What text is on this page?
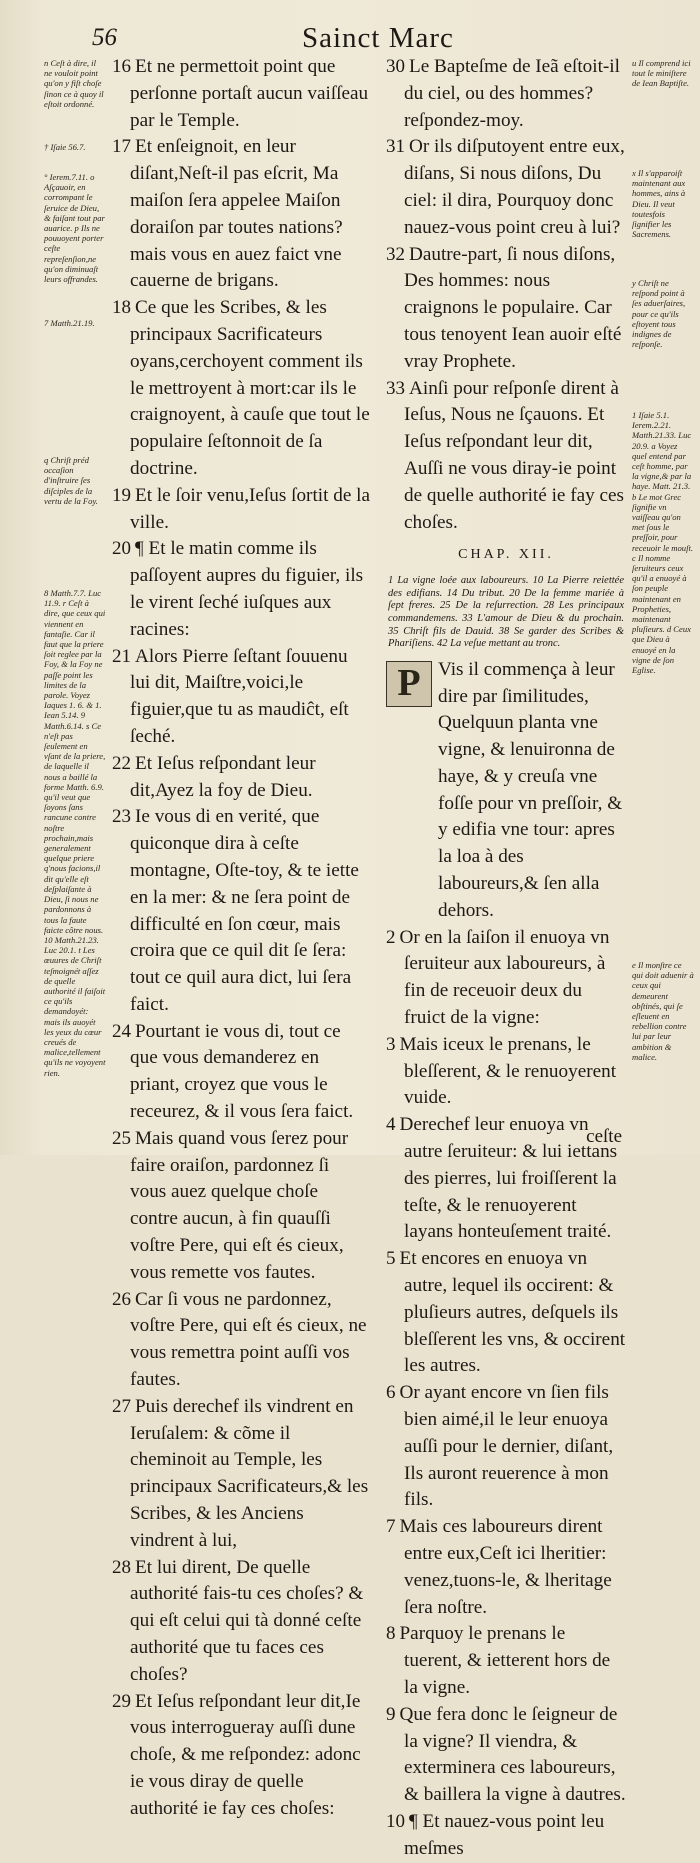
56	Sainct Marc

n Ceſt à dire, il ne vouloit point qu'on y fiſt choſe ſinon ce à quoy il eſtoit ordonné.

† Iſaie 56.7.

° Ierem.7.11. o Aſçauoir, en corrompant le ſeruice de Dieu, & faiſant tout par auarice. p Ils ne pouuoyent porter ceſte repreſenſion,ne qu'on diminuaſt leurs offrandes.

7 Matth.21.19.

q Chriſt préd occaſion d'inſtruire ſes diſciples de la vertu de la Foy.

8 Matth.7.7. Luc 11.9. r Ceſt à dire, que ceux qui viennent en fantaſie. Car il faut que la priere ſoit reglee par la Foy, & la Foy ne paſſe point les limites de la parole. Voyez Iaques 1. 6. & 1. Iean 5.14. 9 Matth.6.14. s Ce n'eſt pas ſeulement en vſant de la priere, de laquelle il nous a baillé la forme Matth. 6.9. qu'il veut que ſoyons ſans rancune contre noſtre prochain,mais generalement quelque priere q'nous facions,il dit qu'elle eſt deſplaiſante à Dieu, ſi nous ne pardonnons à tous la faute faicte côtre nous. 10 Matth.21.23. Luc 20.1. t Les œuures de Chriſt teſmoignét aſſez de quelle authorité il faiſoit ce qu'ils demandoyét: mais ils auoyét les yeux du cœur creués de malice,tellement qu'ils ne voyoyent rien.

u Il comprend ici tout le miniſtere de Iean Baptiſte.

x Il s'apparoiſt maintenant aux hommes, ains à Dieu. Il veut toutesfois ſignifier les Sacremens.

y Chriſt ne reſpond point à ſes aduerſaires, pour ce qu'ils eſtoyent tous indignes de reſponſe.

1 Iſaie 5.1. Ierem.2.21. Matth.21.33. Luc 20.9. a Voyez quel entend par ceſt homme, par la vigne,& par la haye. Matt. 21.3. b Le mot Grec ſignifie vn vaiſſeau qu'on met ſous le preſſoir, pour receuoir le mouſt. c Il nomme ſeruiteurs ceux qu'il a enuoyé à ſon peuple maintenant en Propheties, maintenant pluſieurs. d Ceux que Dieu à enuoyé en la vigne de ſon Eglise.

e Il monſtre ce qui doit aduenir à ceux qui demeurent obſtinés, qui ſe eſleuent en rebellion contre lui par leur ambition & malice.

16 Et ne permettoit point que perſonne portaſt aucun vaiſſeau par le Temple.

17 Et enſeignoit, en leur diſant,Neſt-il pas eſcrit, Ma maiſon ſera appelee Maiſon doraiſon par toutes nations? mais vous en auez faict vne cauerne de brigans.

18 Ce que les Scribes, & les principaux Sacrificateurs oyans,cerchoyent comment ils le mettroyent à mort:car ils le craignoyent, à cauſe que tout le populaire ſeſtonnoit de ſa doctrine.

19 Et le ſoir venu,Ieſus ſortit de la ville.

20 ¶ Et le matin comme ils paſſoyent aupres du figuier, ils le virent ſeché iuſques aux racines:

21 Alors Pierre ſeſtant ſouuenu lui dit, Maiſtre,voici,le figuier,que tu as maudiĉt, eſt ſeché.

22 Et Ieſus reſpondant leur dit,Ayez la foy de Dieu.

23 Ie vous di en verité, que quiconque dira à ceſte montagne, Oſte-toy, & te iette en la mer: & ne ſera point de difficulté en ſon cœur, mais croira que ce quil dit ſe ſera: tout ce quil aura dict, lui ſera faict.

24 Pourtant ie vous di, tout ce que vous demanderez en priant, croyez que vous le receurez, & il vous ſera faict.

25 Mais quand vous ſerez pour faire oraiſon, pardonnez ſi vous auez quelque choſe contre aucun, à fin quauſſi voſtre Pere, qui eſt és cieux, vous remette vos fautes.

26 Car ſi vous ne pardonnez, voſtre Pere, qui eſt és cieux, ne vous remettra point auſſi vos fautes.

27 Puis derechef ils vindrent en Ieruſalem: & cõme il cheminoit au Temple, les principaux Sacrificateurs,& les Scribes, & les Anciens vindrent à lui,

28 Et lui dirent, De quelle authorité fais-tu ces choſes? & qui eſt celui qui tà donné ceſte authorité que tu faces ces choſes?

29 Et Ieſus reſpondant leur dit,Ie vous interrogueray auſſi dune choſe, & me reſpondez: adonc ie vous diray de quelle authorité ie fay ces choſes:

30 Le Bapteſme de Ieã eſtoit-il du ciel, ou des hommes? reſpondez-moy.

31 Or ils diſputoyent entre eux, diſans, Si nous diſons, Du ciel: il dira, Pourquoy donc nauez-vous point creu à lui?

32 Dautre-part, ſi nous diſons, Des hommes: nous craignons le populaire. Car tous tenoyent Iean auoir eſté vray Prophete.

33 Ainſi pour reſponſe dirent à Ieſus, Nous ne ſçauons. Et Ieſus reſpondant leur dit, Auſſi ne vous diray-ie point de quelle authorité ie fay ces choſes.

CHAP. XII.
1 La vigne loée aux laboureurs. 10 La Pierre reiettée des edifians. 14 Du tribut. 20 De la femme mariée à ſept freres. 25 De la reſurrection. 28 Les principaux commandemens. 33 L'amour de Dieu & du prochain. 35 Chriſt fils de Dauid. 38 Se garder des Scribes & Phariſiens. 42 La veſue mettant au tronc.
P Vis il commença à leur dire par ſimilitudes, Quelquun planta vne vigne, & lenuironna de haye, & y creuſa vne foſſe pour vn preſſoir, & y edifia vne tour: apres la loa à des laboureurs,& ſen alla dehors.

2 Or en la ſaiſon il enuoya vn ſeruiteur aux laboureurs, à fin de receuoir deux du fruict de la vigne:

3 Mais iceux le prenans, le bleſſerent, & le renuoyerent vuide.

4 Derechef leur enuoya vn autre ſeruiteur: & lui iettans des pierres, lui froiſſerent la teſte, & le renuoyerent layans honteuſement traité.

5 Et encores en enuoya vn autre, lequel ils occirent: & pluſieurs autres, deſquels ils bleſſerent les vns, & occirent les autres.

6 Or ayant encore vn ſien fils bien aimé,il le leur enuoya auſſi pour le dernier, diſant, Ils auront reuerence à mon fils.

7 Mais ces laboureurs dirent entre eux,Ceſt ici lheritier: venez,tuons-le, & lheritage ſera noſtre.

8 Parquoy le prenans le tuerent, & ietterent hors de la vigne.

9 Que fera donc le ſeigneur de la vigne? Il viendra, & exterminera ces laboureurs, & baillera la vigne à dautres.

10 ¶ Et nauez-vous point leu meſmes

ceſte
